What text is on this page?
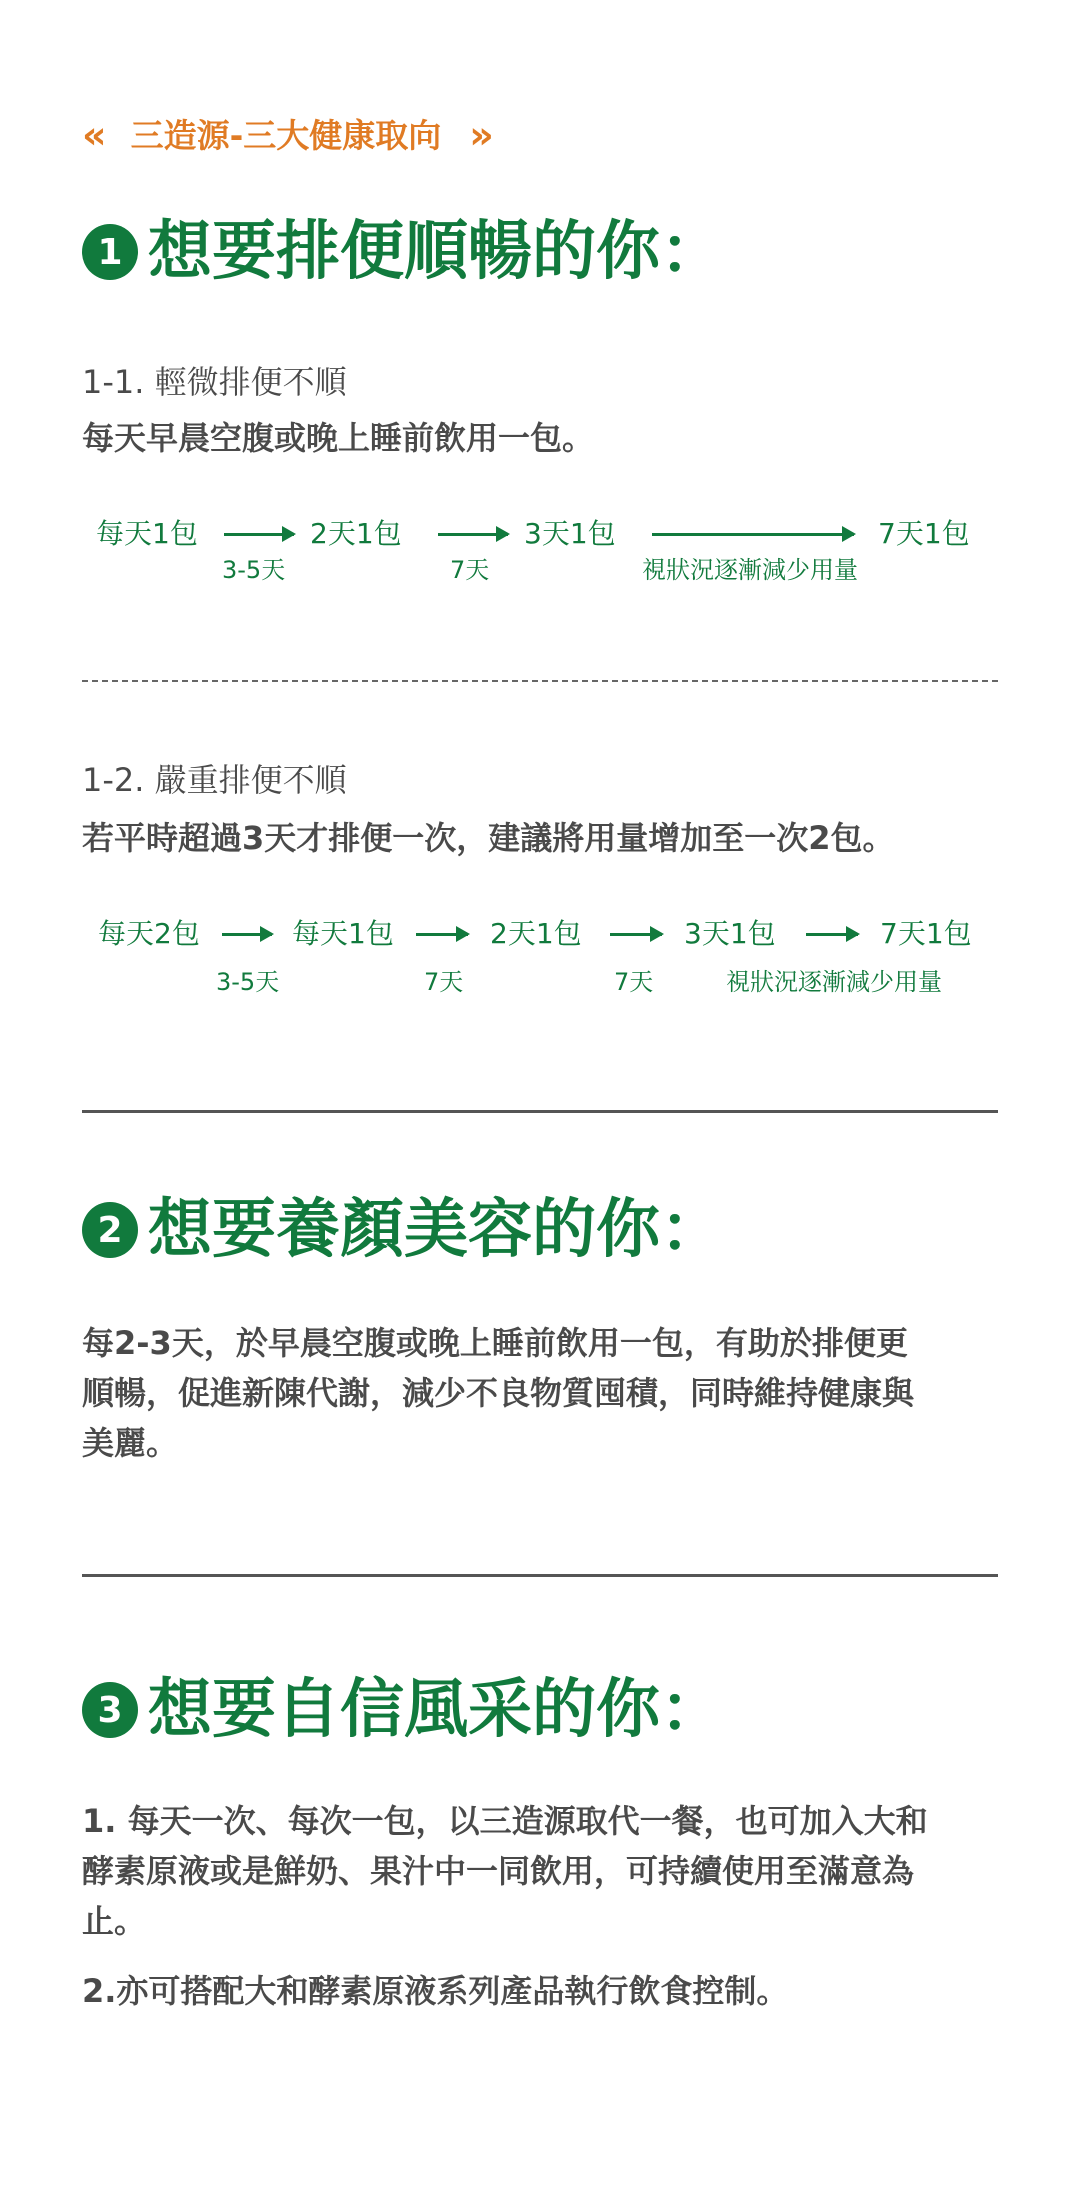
« 三造源-三大健康取向 »
1 想要排便順暢的你：
1-1. 輕微排便不順
每天早晨空腹或晚上睡前飲用一包。
每天1包
3-5天
2天1包
7天
3天1包
視狀況逐漸減少用量
7天1包
1-2. 嚴重排便不順
若平時超過3天才排便一次，建議將用量增加至一次2包。
每天2包
3-5天
每天1包
7天
2天1包
7天
3天1包
視狀況逐漸減少用量
7天1包
2 想要養顏美容的你：
每2-3天，於早晨空腹或晚上睡前飲用一包，有助於排便更
順暢，促進新陳代謝，減少不良物質囤積，同時維持健康與
美麗。
3 想要自信風采的你：
1. 每天一次、每次一包，以三造源取代一餐，也可加入大和
酵素原液或是鮮奶、果汁中一同飲用，可持續使用至滿意為
止。
2.亦可搭配大和酵素原液系列產品執行飲食控制。
